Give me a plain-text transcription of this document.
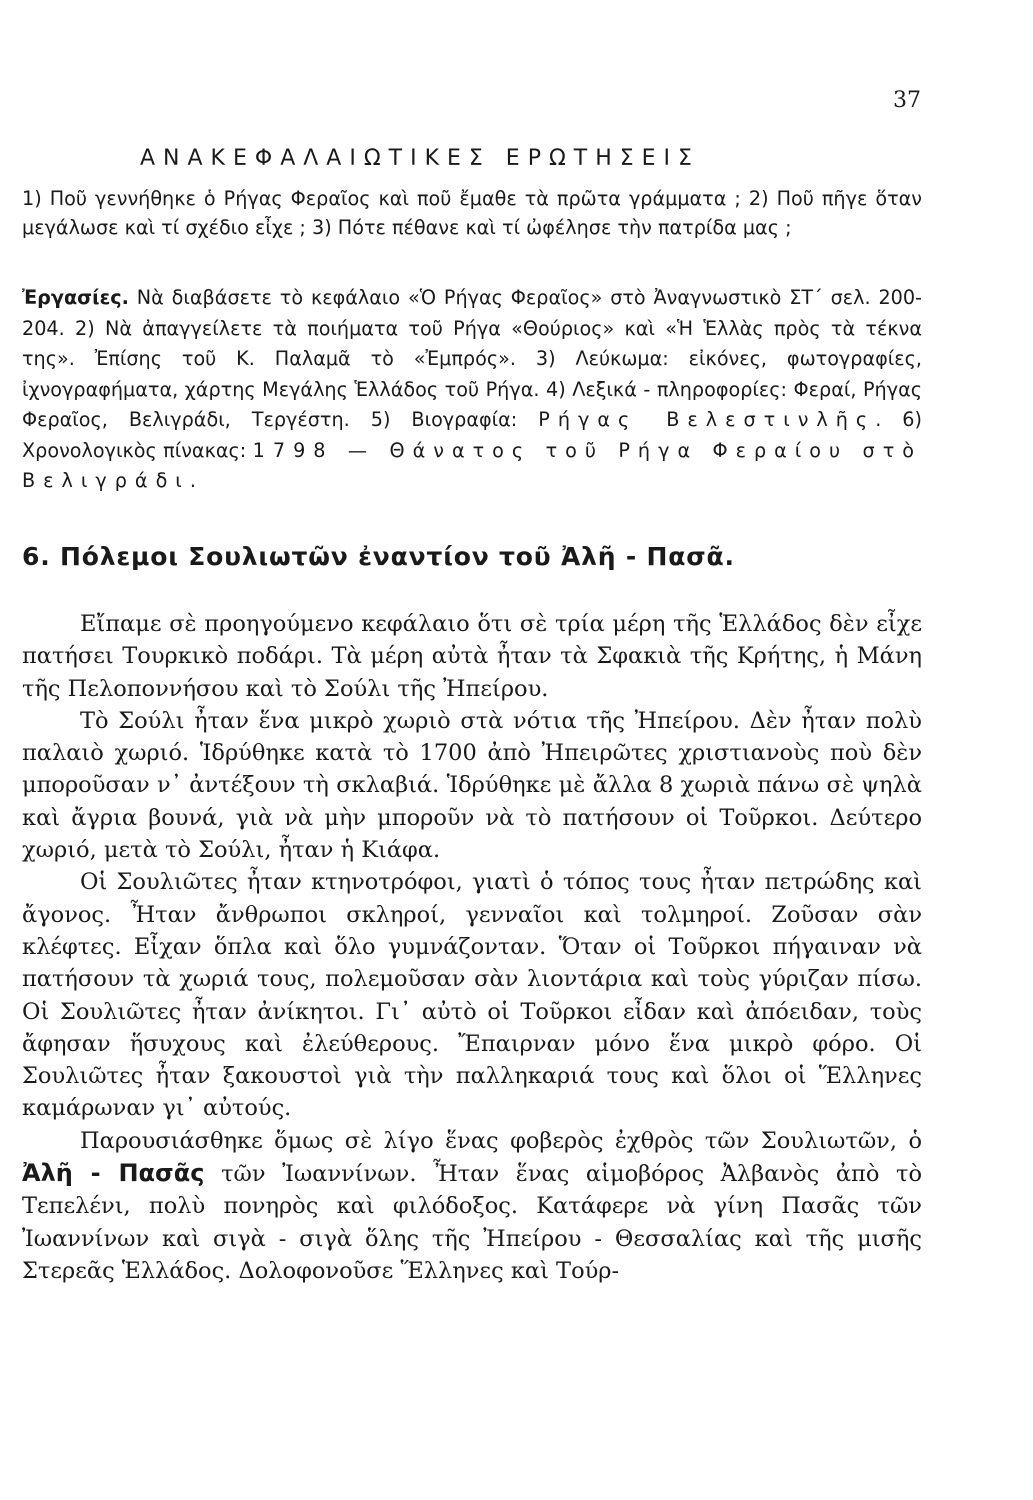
37
ΑΝΑΚΕΦΑΛΑΙΩΤΙΚΕΣ ΕΡΩΤΗΣΕΙΣ
1) Ποῦ γεννήθηκε ὁ Ρήγας Φεραῖος καὶ ποῦ ἔμαθε τὰ πρῶτα γράμματα ; 2) Ποῦ πῆγε ὅταν μεγάλωσε καὶ τί σχέδιο εἶχε ; 3) Πότε πέθανε καὶ τί ὠφέλησε τὴν πατρίδα μας ;
Ἐργασίες. Νὰ διαβάσετε τὸ κεφάλαιο «Ὁ Ρήγας Φεραῖος» στὸ Ἀναγνωστικὸ ΣΤ΄ σελ. 200-204. 2) Νὰ ἀπαγγείλετε τὰ ποιήματα τοῦ Ρήγα «Θούριος» καὶ «Ἡ Ἑλλὰς πρὸς τὰ τέκνα της». Ἐπίσης τοῦ Κ. Παλαμᾶ τὸ «Ἐμπρός». 3) Λεύκωμα: εἰκόνες, φωτογραφίες, ἰχνογραφήματα, χάρτης Μεγάλης Ἑλλάδος τοῦ Ρήγα. 4) Λεξικά - πληροφορίες: Φεραί, Ρήγας Φεραῖος, Βελιγράδι, Τεργέστη. 5) Βιογραφία: Ρήγας Βελεστινλῆς. 6) Χρονολογικὸς πίνακας: 1798 — Θάνατος τοῦ Ρήγα Φεραίου στὸ Βελιγράδι.
6. Πόλεμοι Σουλιωτῶν ἐναντίον τοῦ Ἀλῆ - Πασᾶ.

Εἴπαμε σὲ προηγούμενο κεφάλαιο ὅτι σὲ τρία μέρη τῆς Ἑλλάδος δὲν εἶχε πατήσει Τουρκικὸ ποδάρι. Τὰ μέρη αὐτὰ ἦταν τὰ Σφακιὰ τῆς Κρήτης, ἡ Μάνη τῆς Πελοποννήσου καὶ τὸ Σούλι τῆς Ἠπείρου.

Τὸ Σούλι ἦταν ἕνα μικρὸ χωριὸ στὰ νότια τῆς Ἠπείρου. Δὲν ἦταν πολὺ παλαιὸ χωριό. Ἱδρύθηκε κατὰ τὸ 1700 ἀπὸ Ἠπειρῶτες χριστιανοὺς ποὺ δὲν μποροῦσαν ν᾽ ἀντέξουν τὴ σκλαβιά. Ἱδρύθηκε μὲ ἄλλα 8 χωριὰ πάνω σὲ ψηλὰ καὶ ἄγρια βουνά, γιὰ νὰ μὴν μποροῦν νὰ τὸ πατήσουν οἱ Τοῦρκοι. Δεύτερο χωριό, μετὰ τὸ Σούλι, ἦταν ἡ Κιάφα.

Οἱ Σουλιῶτες ἦταν κτηνοτρόφοι, γιατὶ ὁ τόπος τους ἦταν πετρώδης καὶ ἄγονος. Ἦταν ἄνθρωποι σκληροί, γενναῖοι καὶ τολμηροί. Ζοῦσαν σὰν κλέφτες. Εἶχαν ὅπλα καὶ ὅλο γυμνάζονταν. Ὅταν οἱ Τοῦρκοι πήγαιναν νὰ πατήσουν τὰ χωριά τους, πολεμοῦσαν σὰν λιοντάρια καὶ τοὺς γύριζαν πίσω. Οἱ Σουλιῶτες ἦταν ἀνίκητοι. Γι᾽ αὐτὸ οἱ Τοῦρκοι εἶδαν καὶ ἀπόειδαν, τοὺς ἄφησαν ἥσυχους καὶ ἐλεύθερους. Ἔπαιρναν μόνο ἕνα μικρὸ φόρο. Οἱ Σουλιῶτες ἦταν ξακουστοὶ γιὰ τὴν παλληκαριά τους καὶ ὅλοι οἱ Ἕλληνες καμάρωναν γι᾽ αὐτούς.

Παρουσιάσθηκε ὅμως σὲ λίγο ἕνας φοβερὸς ἐχθρὸς τῶν Σουλιωτῶν, ὁ Ἀλῆ - Πασᾶς τῶν Ἰωαννίνων. Ἦταν ἕνας αἱμοβόρος Ἀλβανὸς ἀπὸ τὸ Τεπελένι, πολὺ πονηρὸς καὶ φιλόδοξος. Κατάφερε νὰ γίνη Πασᾶς τῶν Ἰωαννίνων καὶ σιγὰ - σιγὰ ὅλης τῆς Ἠπείρου - Θεσσαλίας καὶ τῆς μισῆς Στερεᾶς Ἑλλάδος. Δολοφονοῦσε Ἕλληνες καὶ Τούρ-
